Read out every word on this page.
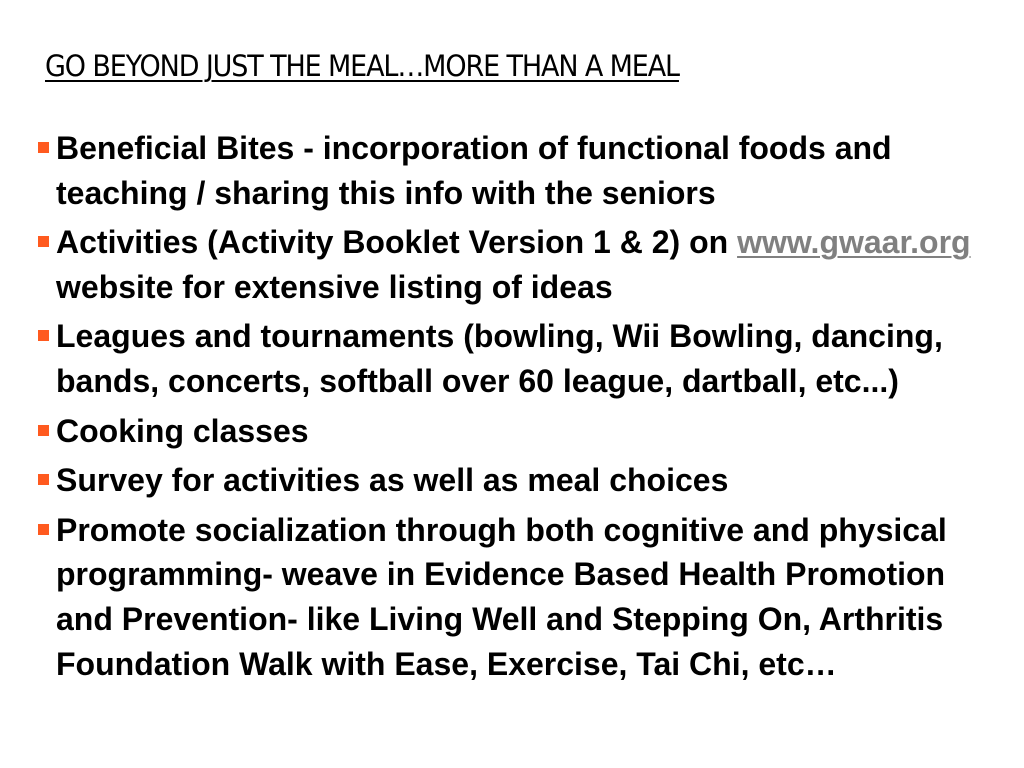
GO BEYOND JUST THE MEAL…MORE THAN A MEAL
Beneficial Bites - incorporation of functional foods and teaching / sharing this info with the seniors
Activities (Activity Booklet Version 1 & 2) on www.gwaar.org website for extensive listing of ideas
Leagues and tournaments (bowling, Wii Bowling, dancing, bands, concerts, softball over 60 league, dartball, etc...)
Cooking classes
Survey for activities as well as meal choices
Promote socialization through both cognitive and physical programming- weave in Evidence Based Health Promotion and Prevention- like Living Well and Stepping On, Arthritis Foundation Walk with Ease, Exercise, Tai Chi, etc…
